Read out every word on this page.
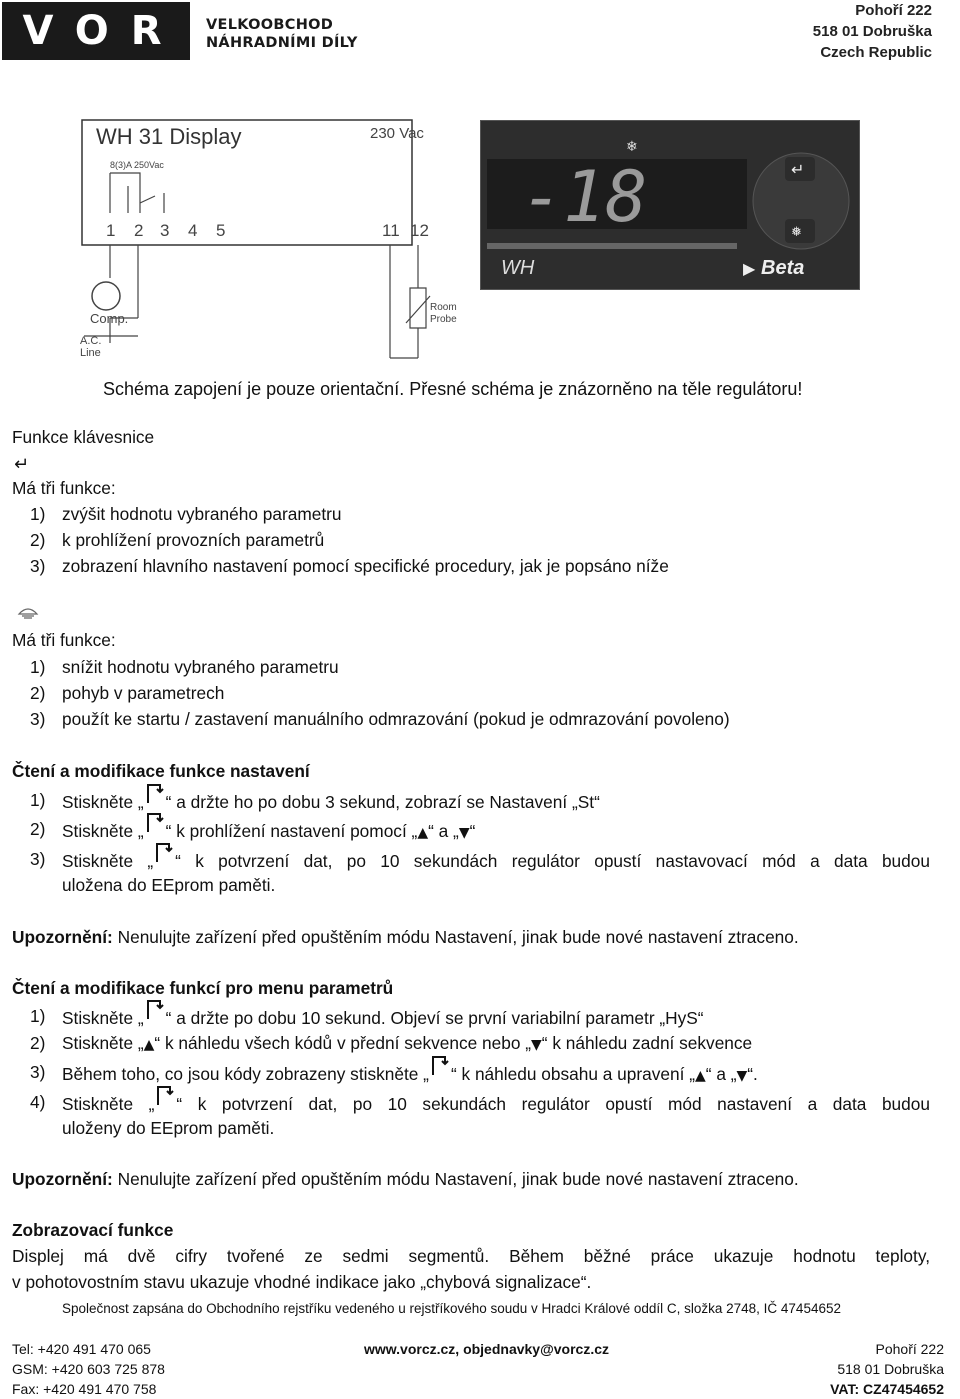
VOR VELKOOBCHOD
NÁHRADNÍMI DÍLY
Pohoří 222
518 01 Dobruška
Czech Republic
WH 31 Display	230 Vac
8(3)A 250Vac
1 2 3 4 5	11 12
Comp.
A.C.
Line
Room
Probe
-18
❄
↵
❅
WH	▶ Beta
Schéma zapojení je pouze orientační. Přesné schéma je znázorněno na těle regulátoru!
Funkce klávesnice
↵
Má tři funkce:
1) zvýšit hodnotu vybraného parametru
2) k prohlížení provozních parametrů
3) zobrazení hlavního nastavení pomocí specifické procedury, jak je popsáno níže
Má tři funkce:
1) snížit hodnotu vybraného parametru
2) pohyb v parametrech
3) použít ke startu / zastavení manuálního odmrazování (pokud je odmrazování povoleno)
Čtení a modifikace funkce nastavení
1) Stiskněte „ “ a držte ho po dobu 3 sekund, zobrazí se Nastavení „St“
2) Stiskněte „ “ k prohlížení nastavení pomocí „▲“ a „▼“
3) Stiskněte „ “ k potvrzení dat, po 10 sekundách regulátor opustí nastavovací mód a data budou
uložena do EEprom paměti.
Upozornění: Nenulujte zařízení před opuštěním módu Nastavení, jinak bude nové nastavení ztraceno.
Čtení a modifikace funkcí pro menu parametrů
1) Stiskněte „ “ a držte po dobu 10 sekund. Objeví se první variabilní parametr „HyS“
2) Stiskněte „▲“ k náhledu všech kódů v přední sekvence nebo „▼“ k náhledu zadní sekvence
3) Během toho, co jsou kódy zobrazeny stiskněte „ “ k náhledu obsahu a upravení „▲“ a „▼“.
4) Stiskněte „ “ k potvrzení dat, po 10 sekundách regulátor opustí mód nastavení a data budou
uloženy do EEprom paměti.
Upozornění: Nenulujte zařízení před opuštěním módu Nastavení, jinak bude nové nastavení ztraceno.
Zobrazovací funkce
Displej má dvě cifry tvořené ze sedmi segmentů. Během běžné práce ukazuje hodnotu teploty,
v pohotovostním stavu ukazuje vhodné indikace jako „chybová signalizace“.
Společnost zapsána do Obchodního rejstříku vedeného u rejstříkového soudu v Hradci Králové oddíl C, složka 2748, IČ 47454652
Tel: +420 491 470 065
GSM: +420 603 725 878
Fax: +420 491 470 758
www.vorcz.cz, objednavky@vorcz.cz	Pohoří 222
518 01 Dobruška
VAT: CZ47454652
